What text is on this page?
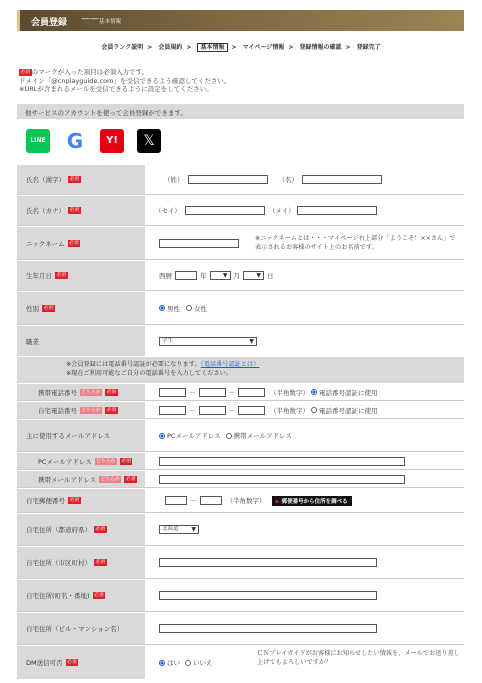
会員登録 —— 基本情報
会員ランク説明 > 会員規約 > 基本情報 > マイページ情報 > 登録情報の確認 > 登録完了
必須 のマークが入った項目は必須入力です。
ドメイン「@cnplayguide.com」を受信できるよう確認してください。
※URLが含まれるメールを受信できるように設定をしてください。
他サービスのアカウントを使って会員登録ができます。
LINE G	Y!	𝕏
氏名（漢字） 必須	（姓）	（名）
氏名（カナ） 必須	（セイ）	（メイ）
ニックネーム 必須
※ニックネームとは・・・マイページ右上部分「ようこそ！××さん」で表示されるお客様のサイト上のお名前です。
生年月日 必須	西暦	年	▼ 月	▼ 日
性別 必須	男性 女性
職業	学生	▼
※会員登録には電話番号認証が必要になります。（電話番号認証とは）
※現在ご利用可能なご自分の電話番号を入力してください。
携帯電話番号 どちらか	必須	－	－	（半角数字） 電話番号認証に使用
自宅電話番号 どちらか	必須	－	－	（半角数字） 電話番号認証に使用
主に使用するメールアドレス	PCメールアドレス 携帯メールアドレス
PCメールアドレス どちらか	必須
携帯メールアドレス どちらか	必須
自宅郵便番号 必須	－	（半角数字）	▶ 郵便番号から住所を調べる
自宅住所（都道府県） 必須	北海道 ▼
自宅住所（市区町村） 必須
自宅住所(町名・番地) 必須
自宅住所（ビル・マンション名）
DM送信可否 必須	はい いいえ
ＣＮプレイガイドがお客様にお知らせしたい情報を、メールでお送り差し上げてもよろしいですか？
